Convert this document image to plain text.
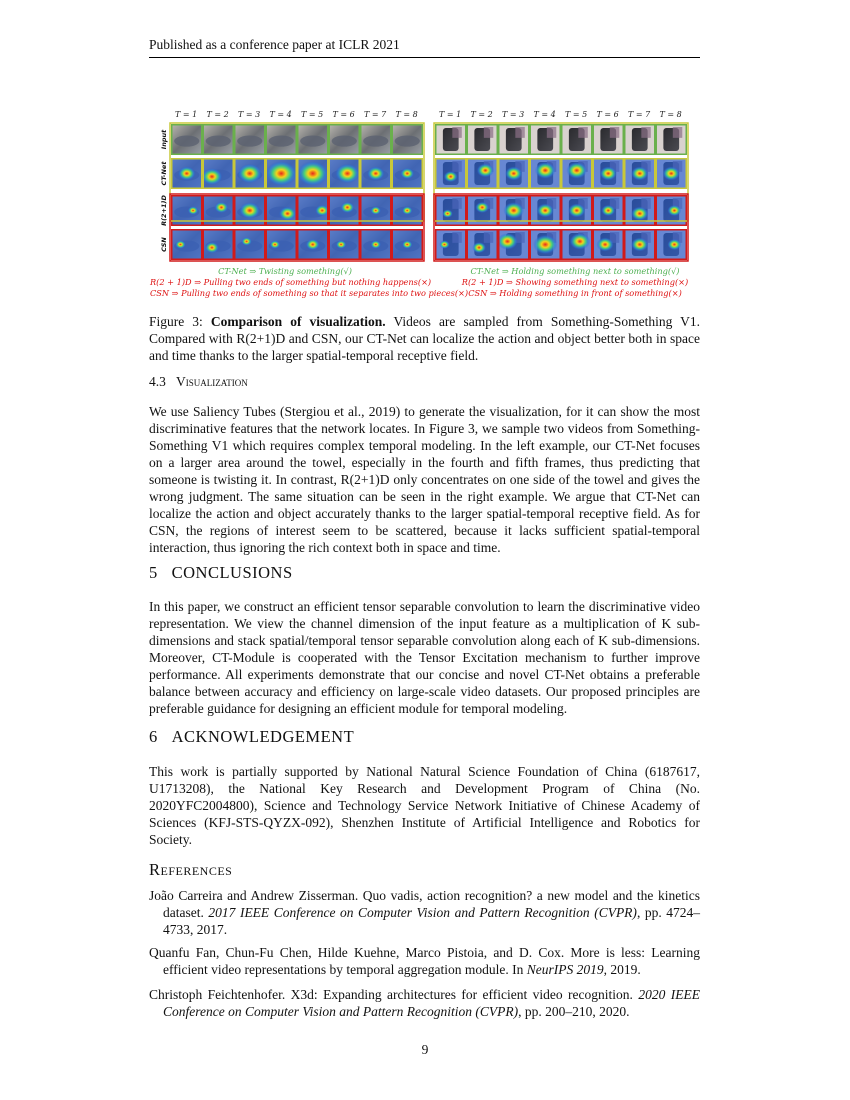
Published as a conference paper at ICLR 2021
T = 1 T = 2 T = 3 T = 4 T = 5 T = 6 T = 7 T = 8	T = 1 T = 2 T = 3 T = 4 T = 5 T = 6 T = 7 T = 8
Input
CT-Net
R(2+1)D
CSN
CT-Net ⇒ Twisting something(√)
R(2 + 1)D ⇒ Pulling two ends of something but nothing happens(×)
CSN ⇒ Pulling two ends of something so that it separates into two pieces(×)
CT-Net ⇒ Holding something next to something(√)
R(2 + 1)D ⇒ Showing something next to something(×)
CSN ⇒ Holding something in front of something(×)
Figure 3: Comparison of visualization. Videos are sampled from Something-Something V1. Compared with R(2+1)D and CSN, our CT-Net can localize the action and object better both in space and time thanks to the larger spatial-temporal receptive field.
4.3 Visualization
We use Saliency Tubes (Stergiou et al., 2019) to generate the visualization, for it can show the most discriminative features that the network locates. In Figure 3, we sample two videos from Something-Something V1 which requires complex temporal modeling. In the left example, our CT-Net focuses on a larger area around the towel, especially in the fourth and fifth frames, thus predicting that someone is twisting it. In contrast, R(2+1)D only concentrates on one side of the towel and gives the wrong judgment. The same situation can be seen in the right example. We argue that CT-Net can localize the action and object accurately thanks to the larger spatial-temporal receptive field. As for CSN, the regions of interest seem to be scattered, because it lacks sufficient spatial-temporal interaction, thus ignoring the rich context both in space and time.
5 CONCLUSIONS
In this paper, we construct an efficient tensor separable convolution to learn the discriminative video representation. We view the channel dimension of the input feature as a multiplication of K sub-dimensions and stack spatial/temporal tensor separable convolution along each of K sub-dimensions. Moreover, CT-Module is cooperated with the Tensor Excitation mechanism to further improve performance. All experiments demonstrate that our concise and novel CT-Net obtains a preferable balance between accuracy and efficiency on large-scale video datasets. Our proposed principles are preferable guidance for designing an efficient module for temporal modeling.
6 ACKNOWLEDGEMENT
This work is partially supported by National Natural Science Foundation of China (6187617, U1713208), the National Key Research and Development Program of China (No. 2020YFC2004800), Science and Technology Service Network Initiative of Chinese Academy of Sciences (KFJ-STS-QYZX-092), Shenzhen Institute of Artificial Intelligence and Robotics for Society.
References
João Carreira and Andrew Zisserman. Quo vadis, action recognition? a new model and the kinetics dataset. 2017 IEEE Conference on Computer Vision and Pattern Recognition (CVPR), pp. 4724–4733, 2017.
Quanfu Fan, Chun-Fu Chen, Hilde Kuehne, Marco Pistoia, and D. Cox. More is less: Learning efficient video representations by temporal aggregation module. In NeurIPS 2019, 2019.
Christoph Feichtenhofer. X3d: Expanding architectures for efficient video recognition. 2020 IEEE Conference on Computer Vision and Pattern Recognition (CVPR), pp. 200–210, 2020.
9
